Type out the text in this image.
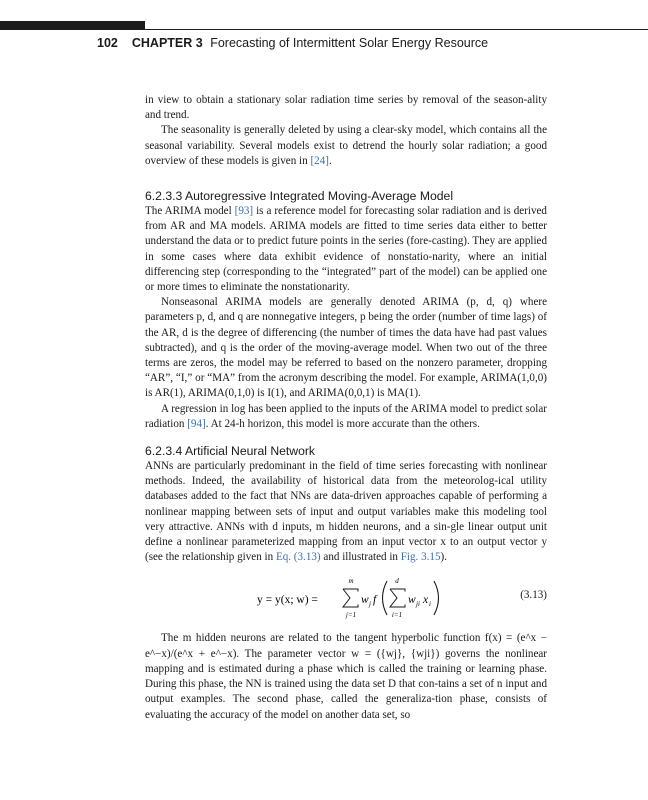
102 CHAPTER 3 Forecasting of Intermittent Solar Energy Resource

in view to obtain a stationary solar radiation time series by removal of the season-ality and trend.

The seasonality is generally deleted by using a clear-sky model, which contains all the seasonal variability. Several models exist to detrend the hourly solar radiation; a good overview of these models is given in [24].

6.2.3.3 Autoregressive Integrated Moving-Average Model

The ARIMA model [93] is a reference model for forecasting solar radiation and is derived from AR and MA models. ARIMA models are fitted to time series data either to better understand the data or to predict future points in the series (fore-casting). They are applied in some cases where data exhibit evidence of nonstatio-narity, where an initial differencing step (corresponding to the “integrated” part of the model) can be applied one or more times to eliminate the nonstationarity.

Nonseasonal ARIMA models are generally denoted ARIMA (p, d, q) where parameters p, d, and q are nonnegative integers, p being the order (number of time lags) of the AR, d is the degree of differencing (the number of times the data have had past values subtracted), and q is the order of the moving-average model. When two out of the three terms are zeros, the model may be referred to based on the nonzero parameter, dropping “AR”, “I,” or “MA” from the acronym describing the model. For example, ARIMA(1,0,0) is AR(1), ARIMA(0,1,0) is I(1), and ARIMA(0,0,1) is MA(1).

A regression in log has been applied to the inputs of the ARIMA model to predict solar radiation [94]. At 24-h horizon, this model is more accurate than the others.

6.2.3.4 Artificial Neural Network

ANNs are particularly predominant in the field of time series forecasting with nonlinear methods. Indeed, the availability of historical data from the meteorolog-ical utility databases added to the fact that NNs are data-driven approaches capable of performing a nonlinear mapping between sets of input and output variables make this modeling tool very attractive. ANNs with d inputs, m hidden neurons, and a sin-gle linear output unit define a nonlinear parameterized mapping from an input vector x to an output vector y (see the relationship given in Eq. (3.13) and illustrated in Fig. 3.15).

y = y(x; w) =
m
j=1
w j f
d
i=1
w ji x i
(3.13)

The m hidden neurons are related to the tangent hyperbolic function f(x) = (e^x − e^−x)/(e^x + e^−x). The parameter vector w = ({wj}, {wji}) governs the nonlinear mapping and is estimated during a phase which is called the training or learning phase. During this phase, the NN is trained using the data set D that con-tains a set of n input and output examples. The second phase, called the generaliza-tion phase, consists of evaluating the accuracy of the model on another data set, so
